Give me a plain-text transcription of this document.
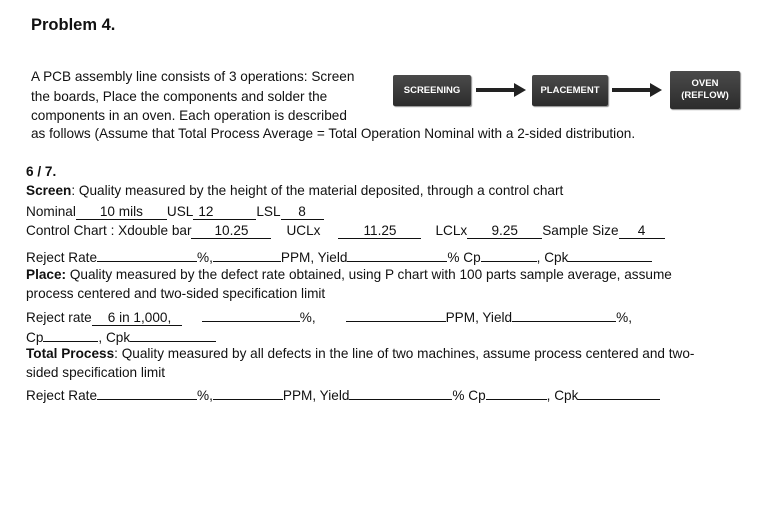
Problem 4.
A PCB assembly line consists of 3 operations: Screen
the boards, Place the components and solder the
components in an oven. Each operation is described
as follows (Assume that Total Process Average = Total Operation Nominal with a 2-sided distribution.
SCREENING	PLACEMENT
OVEN
(REFLOW)
6 / 7.
Screen: Quality measured by the height of the material deposited, through a control chart
Nominal 10 mils USL 12	LSL 8
Control Chart : Xdouble bar 10.25	UCLx	11.25	LCLx 9.25 Sample Size 4
Reject Rate	%,	PPM, Yield	% Cp	, Cpk
Place: Quality measured by the defect rate obtained, using P chart with 100 parts sample average, assume
process centered and two-sided specification limit
Reject rate 6 in 1,000,	%,	PPM, Yield	%,
Cp	, Cpk
Total Process: Quality measured by all defects in the line of two machines, assume process centered and two-
sided specification limit
Reject Rate	%,	PPM, Yield	% Cp	, Cpk
